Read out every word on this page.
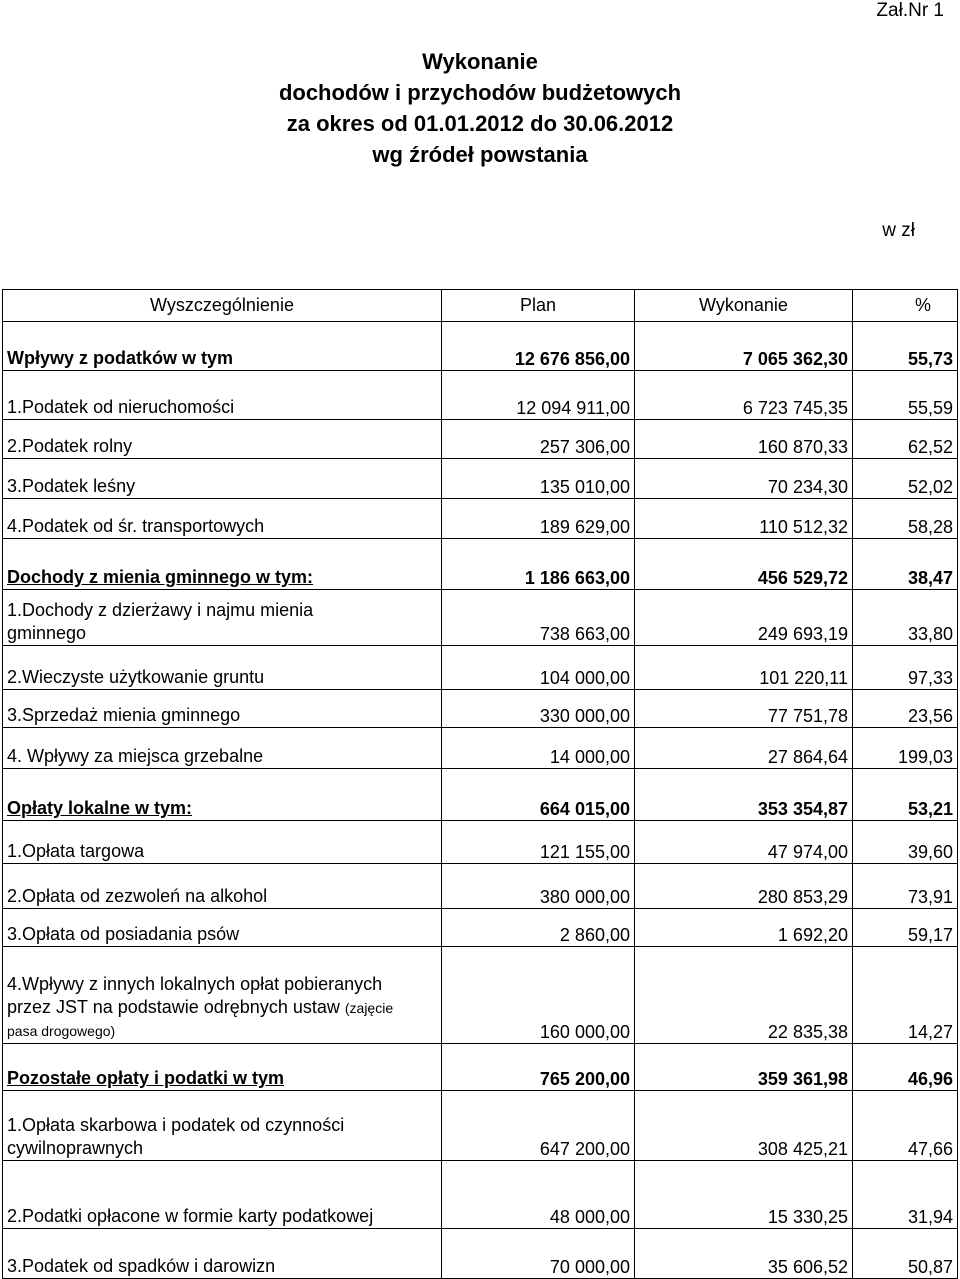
Zał.Nr 1
Wykonanie
dochodów i przychodów budżetowych
za okres od 01.01.2012 do 30.06.2012
wg źródeł powstania
w zł
Wyszczególnienie	Plan	Wykonanie	%
Wpływy z podatków w tym	12 676 856,00	7 065 362,30	55,73
1.Podatek od nieruchomości	12 094 911,00	6 723 745,35	55,59
2.Podatek rolny	257 306,00	160 870,33	62,52
3.Podatek leśny	135 010,00	70 234,30	52,02
4.Podatek od śr. transportowych	189 629,00	110 512,32	58,28
Dochody z mienia gminnego w tym:	1 186 663,00	456 529,72	38,47

1.Dochody z dzierżawy i najmu mienia
gminnego	738 663,00	249 693,19	33,80
2.Wieczyste użytkowanie gruntu	104 000,00	101 220,11	97,33
3.Sprzedaż mienia gminnego	330 000,00	77 751,78	23,56
4. Wpływy za miejsca grzebalne	14 000,00	27 864,64	199,03
Opłaty lokalne w tym:	664 015,00	353 354,87	53,21
1.Opłata targowa	121 155,00	47 974,00	39,60
2.Opłata od zezwoleń na alkohol	380 000,00	280 853,29	73,91
3.Opłata od posiadania psów	2 860,00	1 692,20	59,17

4.Wpływy z innych lokalnych opłat pobieranych
przez JST na podstawie odrębnych ustaw (zajęcie
pasa drogowego)	160 000,00	22 835,38	14,27
Pozostałe opłaty i podatki w tym	765 200,00	359 361,98	46,96

1.Opłata skarbowa i podatek od czynności
cywilnoprawnych	647 200,00	308 425,21	47,66
2.Podatki opłacone w formie karty podatkowej	48 000,00	15 330,25	31,94
3.Podatek od spadków i darowizn	70 000,00	35 606,52	50,87
